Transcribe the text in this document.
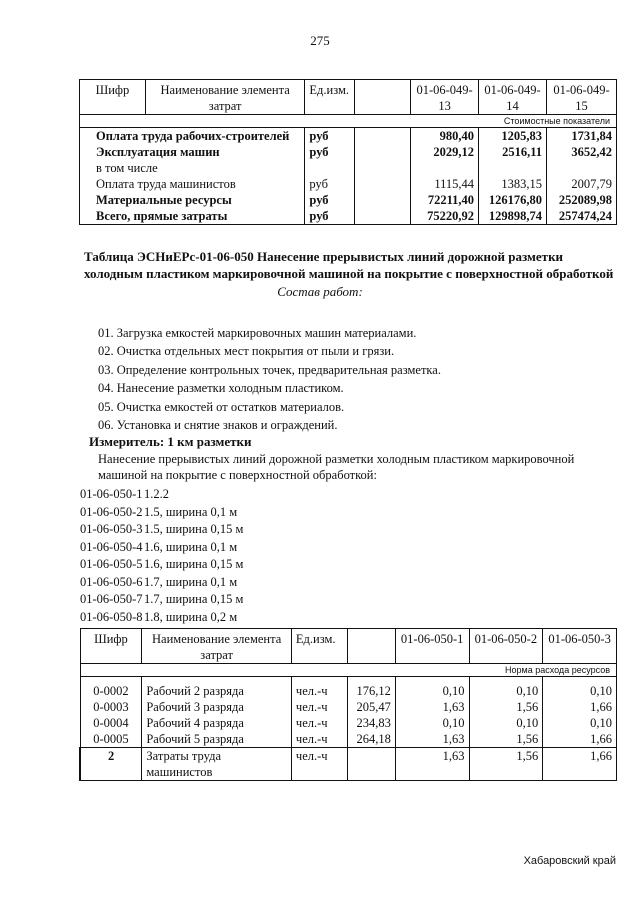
275
Шифр	Наименование элемента затрат	Ед.изм.		01-06-049-13	01-06-049-14	01-06-049-15
Стоимостные показатели						
Оплата труда рабочих-строителей		руб		980,40	1205,83	1731,84
Эксплуатация машин		руб		2029,12	2516,11	3652,42
в том числе						
Оплата труда машинистов		руб		1115,44	1383,15	2007,79
Материальные ресурсы		руб		72211,40	126176,80	252089,98
Всего, прямые затраты		руб		75220,92	129898,74	257474,24
Таблица ЭСНиЕРс-01-06-050 Нанесение прерывистых линий дорожной разметки холодным пластиком маркировочной машиной на покрытие с поверхностной обработкой
Состав работ:
01. Загрузка емкостей маркировочных машин материалами.
02. Очистка отдельных мест покрытия от пыли и грязи.
03. Определение контрольных точек, предварительная разметка.
04. Нанесение разметки холодным пластиком.
05. Очистка емкостей от остатков материалов.
06. Установка и снятие знаков и ограждений.
Измеритель: 1 км разметки
Нанесение прерывистых линий дорожной разметки холодным пластиком маркировочной машиной на покрытие с поверхностной обработкой:
01-06-050-1 1.2.2
01-06-050-2 1.5, ширина 0,1 м
01-06-050-3 1.5, ширина 0,15 м
01-06-050-4 1.6, ширина 0,1 м
01-06-050-5 1.6, ширина 0,15 м
01-06-050-6 1.7, ширина 0,1 м
01-06-050-7 1.7, ширина 0,15 м
01-06-050-8 1.8, ширина 0,2 м
Шифр	Наименование элемента затрат	Ед.изм.		01-06-050-1	01-06-050-2	01-06-050-3
Норма расхода ресурсов						

0-0002	Рабочий 2 разряда	чел.-ч	176,12	0,10	0,10	0,10
0-0003	Рабочий 3 разряда	чел.-ч	205,47	1,63	1,56	1,66
0-0004	Рабочий 4 разряда	чел.-ч	234,83	0,10	0,10	0,10
0-0005	Рабочий 5 разряда	чел.-ч	264,18	1,63	1,56	1,66
2	Затраты труда машинистов	чел.-ч		1,63	1,56	1,66
Хабаровский край
